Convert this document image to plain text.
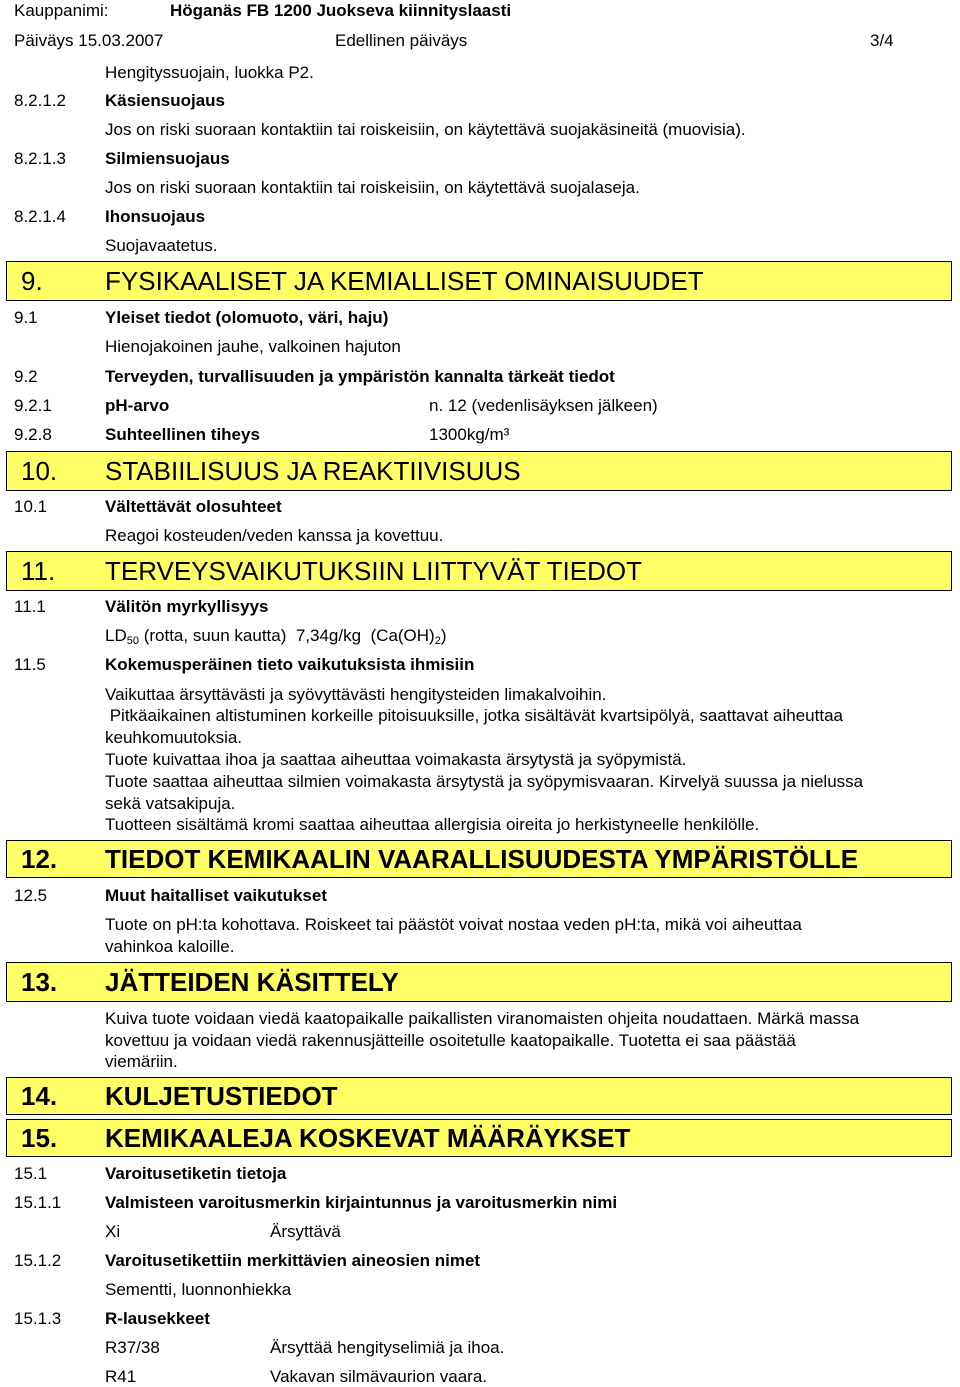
Kauppanimi:	Höganäs FB 1200 Juokseva kiinnityslaasti
Päiväys 15.03.2007	Edellinen päiväys	3/4
Hengityssuojain, luokka P2.
8.2.1.2 Käsiensuojaus
Jos on riski suoraan kontaktiin tai roiskeisiin, on käytettävä suojakäsineitä (muovisia).
8.2.1.3 Silmiensuojaus
Jos on riski suoraan kontaktiin tai roiskeisiin, on käytettävä suojalaseja.
8.2.1.4 Ihonsuojaus
Suojavaatetus.
9. FYSIKAALISET JA KEMIALLISET OMINAISUUDET
9.1	Yleiset tiedot (olomuoto, väri, haju)
Hienojakoinen jauhe, valkoinen hajuton
9.2	Terveyden, turvallisuuden ja ympäristön kannalta tärkeät tiedot
9.2.1	pH-arvo	n. 12 (vedenlisäyksen jälkeen)
9.2.8	Suhteellinen tiheys	1300kg/m³
10. STABIILISUUS JA REAKTIIVISUUS
10.1	Vältettävät olosuhteet
Reagoi kosteuden/veden kanssa ja kovettuu.
11. TERVEYSVAIKUTUKSIIN LIITTYVÄT TIEDOT
11.1	Välitön myrkyllisyys
$LD_{50}$ (rotta, suun kautta)  7,34g/kg  $(Ca(OH)_2)$
11.5	Kokemusperäinen tieto vaikutuksista ihmisiin
Vaikuttaa ärsyttävästi ja syövyttävästi hengitysteiden limakalvoihin.
Pitkäaikainen altistuminen korkeille pitoisuuksille, jotka sisältävät kvartsipölyä, saattavat aiheuttaa
keuhkomuutoksia.
Tuote kuivattaa ihoa ja saattaa aiheuttaa voimakasta ärsytystä ja syöpymistä.
Tuote saattaa aiheuttaa silmien voimakasta ärsytystä ja syöpymisvaaran. Kirvelyä suussa ja nielussa
sekä vatsakipuja.
Tuotteen sisältämä kromi saattaa aiheuttaa allergisia oireita jo herkistyneelle henkilölle.
12. TIEDOT KEMIKAALIN VAARALLISUUDESTA YMPÄRISTÖLLE
12.5	Muut haitalliset vaikutukset
Tuote on pH:ta kohottava. Roiskeet tai päästöt voivat nostaa veden pH:ta, mikä voi aiheuttaa
vahinkoa kaloille.
13. JÄTTEIDEN KÄSITTELY
Kuiva tuote voidaan viedä kaatopaikalle paikallisten viranomaisten ohjeita noudattaen. Märkä massa
kovettuu ja voidaan viedä rakennusjätteille osoitetulle kaatopaikalle. Tuotetta ei saa päästää
viemäriin.
14. KULJETUSTIEDOT
15. KEMIKAALEJA KOSKEVAT MÄÄRÄYKSET
15.1	Varoitusetiketin tietoja
15.1.1	Valmisteen varoitusmerkin kirjaintunnus ja varoitusmerkin nimi
Xi	Ärsyttävä
15.1.2	Varoitusetikettiin merkittävien aineosien nimet
Sementti, luonnonhiekka
15.1.3	R-lausekkeet
R37/38	Ärsyttää hengityselimiä ja ihoa.
R41	Vakavan silmävaurion vaara.
